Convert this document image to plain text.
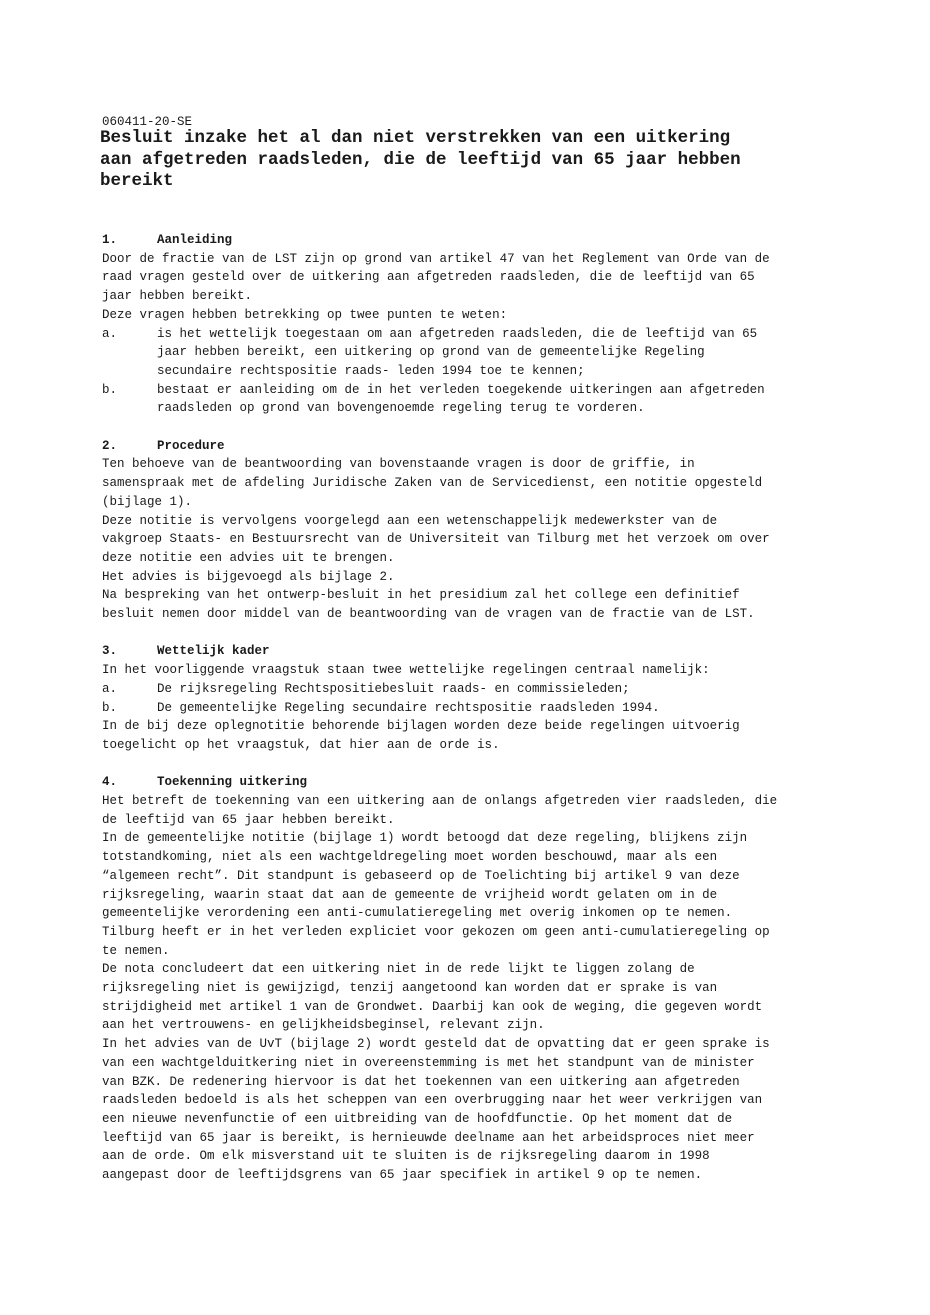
060411-20-SE
Besluit inzake het al dan niet verstrekken van een uitkering
aan afgetreden raadsleden, die de leeftijd van 65 jaar hebben
bereikt
1.	Aanleiding
Door de fractie van de LST zijn op grond van artikel 47 van het Reglement van Orde van de
raad vragen gesteld over de uitkering aan afgetreden raadsleden, die de leeftijd van 65
jaar hebben bereikt.
Deze vragen hebben betrekking op twee punten te weten:
a.	is het wettelijk toegestaan om aan afgetreden raadsleden, die de leeftijd van 65
jaar hebben bereikt, een uitkering op grond van de gemeentelijke Regeling
secundaire rechtspositie raads- leden 1994 toe te kennen;
b.	bestaat er aanleiding om de in het verleden toegekende uitkeringen aan afgetreden
raadsleden op grond van bovengenoemde regeling terug te vorderen.
2.	Procedure
Ten behoeve van de beantwoording van bovenstaande vragen is door de griffie, in
samenspraak met de afdeling Juridische Zaken van de Servicedienst, een notitie opgesteld
(bijlage 1).
Deze notitie is vervolgens voorgelegd aan een wetenschappelijk medewerkster van de
vakgroep Staats- en Bestuursrecht van de Universiteit van Tilburg met het verzoek om over
deze notitie een advies uit te brengen.
Het advies is bijgevoegd als bijlage 2.
Na bespreking van het ontwerp-besluit in het presidium zal het college een definitief
besluit nemen door middel van de beantwoording van de vragen van de fractie van de LST.
3.	Wettelijk kader
In het voorliggende vraagstuk staan twee wettelijke regelingen centraal namelijk:
a.	De rijksregeling Rechtspositiebesluit raads- en commissieleden;
b.	De gemeentelijke Regeling secundaire rechtspositie raadsleden 1994.
In de bij deze oplegnotitie behorende bijlagen worden deze beide regelingen uitvoerig
toegelicht op het vraagstuk, dat hier aan de orde is.
4.	Toekenning uitkering
Het betreft de toekenning van een uitkering aan de onlangs afgetreden vier raadsleden, die
de leeftijd van 65 jaar hebben bereikt.
In de gemeentelijke notitie (bijlage 1) wordt betoogd dat deze regeling, blijkens zijn
totstandkoming, niet als een wachtgeldregeling moet worden beschouwd, maar als een
“algemeen recht”. Dit standpunt is gebaseerd op de Toelichting bij artikel 9 van deze
rijksregeling, waarin staat dat aan de gemeente de vrijheid wordt gelaten om in de
gemeentelijke verordening een anti-cumulatieregeling met overig inkomen op te nemen.
Tilburg heeft er in het verleden expliciet voor gekozen om geen anti-cumulatieregeling op
te nemen.
De nota concludeert dat een uitkering niet in de rede lijkt te liggen zolang de
rijksregeling niet is gewijzigd, tenzij aangetoond kan worden dat er sprake is van
strijdigheid met artikel 1 van de Grondwet. Daarbij kan ook de weging, die gegeven wordt
aan het vertrouwens- en gelijkheidsbeginsel, relevant zijn.
In het advies van de UvT (bijlage 2) wordt gesteld dat de opvatting dat er geen sprake is
van een wachtgelduitkering niet in overeenstemming is met het standpunt van de minister
van BZK. De redenering hiervoor is dat het toekennen van een uitkering aan afgetreden
raadsleden bedoeld is als het scheppen van een overbrugging naar het weer verkrijgen van
een nieuwe nevenfunctie of een uitbreiding van de hoofdfunctie. Op het moment dat de
leeftijd van 65 jaar is bereikt, is hernieuwde deelname aan het arbeidsproces niet meer
aan de orde. Om elk misverstand uit te sluiten is de rijksregeling daarom in 1998
aangepast door de leeftijdsgrens van 65 jaar specifiek in artikel 9 op te nemen.
